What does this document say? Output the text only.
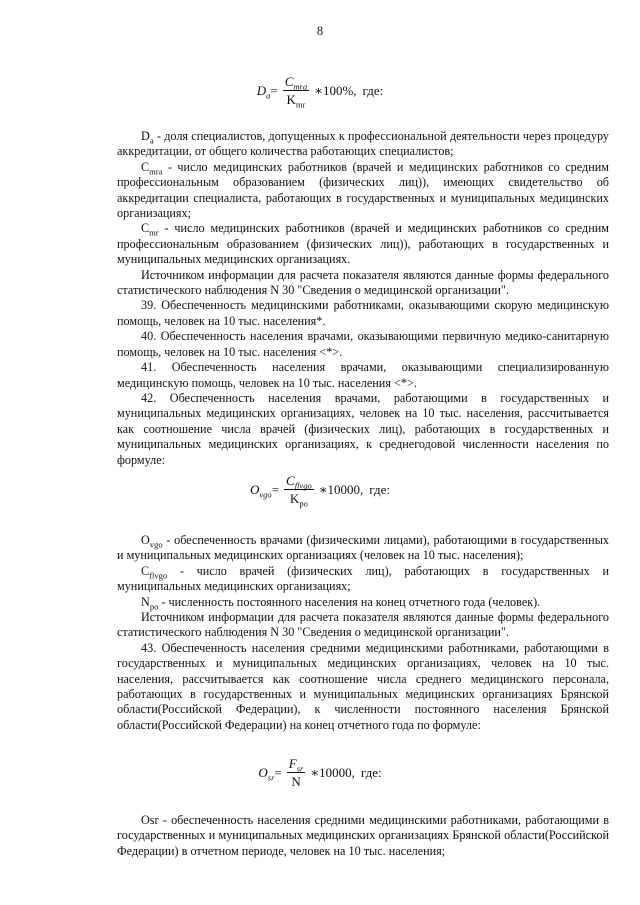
8
$D_a= \frac{C_{mra}}{K_{mr}}$ ∗100%, где:

$D_a$ - доля специалистов, допущенных к профессиональной деятельности через процедуру аккредитации, от общего количества работающих специалистов;

$C_{mra}$ - число медицинских работников (врачей и медицинских работников со средним профессиональным образованием (физических лиц)), имеющих свидетельство об аккредитации специалиста, работающих в государственных и муниципальных медицинских организациях;

$C_{mr}$ - число медицинских работников (врачей и медицинских работников со средним профессиональным образованием (физических лиц)), работающих в государственных и муниципальных медицинских организациях.

Источником информации для расчета показателя являются данные формы федерального статистического наблюдения N 30 "Сведения о медицинской организации".

39. Обеспеченность медицинскими работниками, оказывающими скорую медицинскую помощь, человек на 10 тыс. населения*.

40. Обеспеченность населения врачами, оказывающими первичную медико-санитарную помощь, человек на 10 тыс. населения <*>.

41. Обеспеченность населения врачами, оказывающими специализированную медицинскую помощь, человек на 10 тыс. населения <*>.

42. Обеспеченность населения врачами, работающими в государственных и муниципальных медицинских организациях, человек на 10 тыс. населения, рассчитывается как соотношение числа врачей (физических лиц), работающих в государственных и муниципальных медицинских организациях, к среднегодовой численности населения по формуле:

$O_{vgo}= \frac{C_{flvgo}}{K_{po}}$ ∗10000, где:

$O_{vgo}$ - обеспеченность врачами (физическими лицами), работающими в государственных и муниципальных медицинских организациях (человек на 10 тыс. населения);

$C_{flvgo}$ - число врачей (физических лиц), работающих в государственных и муниципальных медицинских организациях;

$N_{po}$ - численность постоянного населения на конец отчетного года (человек).

Источником информации для расчета показателя являются данные формы федерального статистического наблюдения N 30 "Сведения о медицинской организации".

43. Обеспеченность населения средними медицинскими работниками, работающими в государственных и муниципальных медицинских организациях, человек на 10 тыс. населения, рассчитывается как соотношение числа среднего медицинского персонала, работающих в государственных и муниципальных медицинских организациях Брянской области(Российской Федерации), к численности постоянного населения Брянской области(Российской Федерации) на конец отчетного года по формуле:

$O_{sr}= \frac{F_{sr}}{N}$ ∗10000, где:

Osr - обеспеченность населения средними медицинскими работниками, работающими в государственных и муниципальных медицинских организациях Брянской области(Российской Федерации) в отчетном периоде, человек на 10 тыс. населения;
